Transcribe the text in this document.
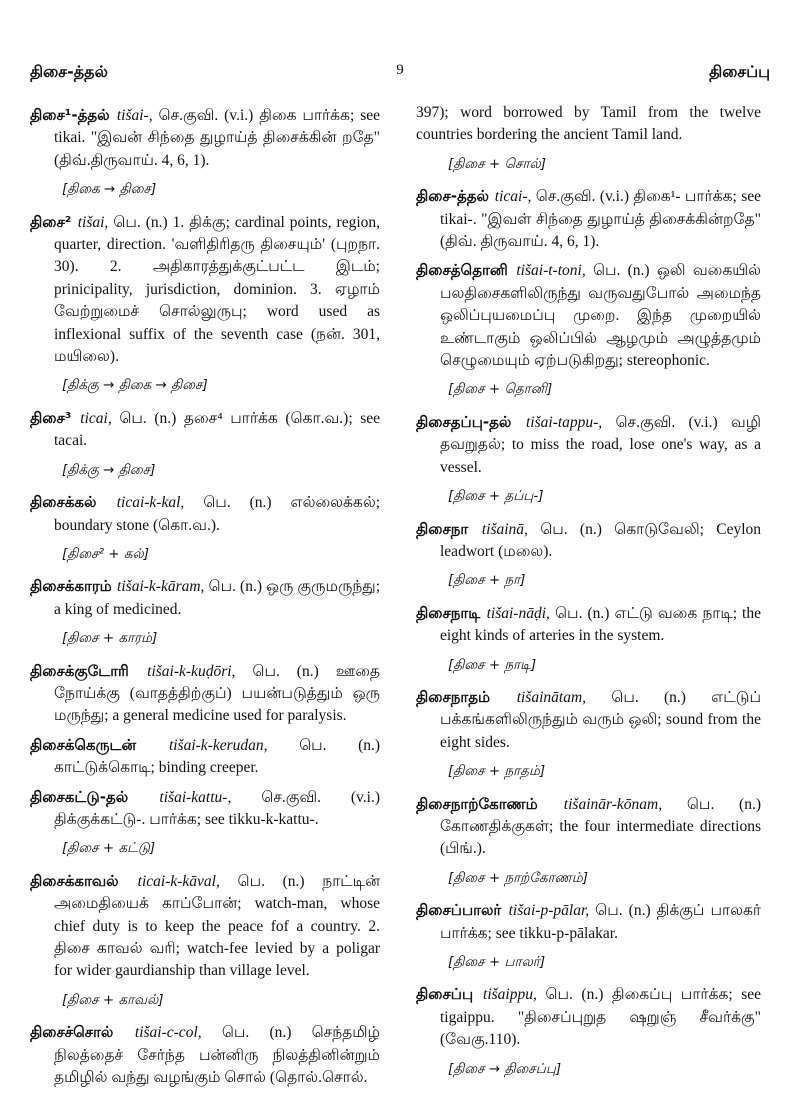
திசை-த்தல்	9	திசைப்பு
திசை¹-த்தல் tišai-, செ.குவி. (v.i.) திகை பார்க்க; see tikai. "இவன் சிந்தை துழாய்த் திசைக்கின் றதே" (திவ்.திருவாய். 4, 6, 1).
[திகை → திசை]
திசை² tišai, பெ. (n.) 1. திக்கு; cardinal points, region, quarter, direction. 'வளிதிரிதரு திசையும்' (புறநா. 30). 2. அதிகாரத்துக்குட்பட்ட இடம்; prinicipality, jurisdiction, dominion. 3. ஏழாம் வேற்றுமைச் சொல்லுருபு; word used as inflexional suffix of the seventh case (நன். 301, மயிலை).
[திக்கு → திகை → திசை]
திசை³ ticai, பெ. (n.) தசை⁴ பார்க்க (கொ.வ.); see tacai.
[திக்கு → திசை]
திசைக்கல் ticai-k-kal, பெ. (n.) எல்லைக்கல்; boundary stone (கொ.வ.).
[திசை² + கல்]
திசைக்காரம் tišai-k-kāram, பெ. (n.) ஒரு குருமருந்து; a king of medicined.
[திசை + காரம்]
திசைக்குடோரி tišai-k-kuḍōri, பெ. (n.) ஊதை நோய்க்கு (வாதத்திற்குப்) பயன்படுத்தும் ஒரு மருந்து; a general medicine used for paralysis.
திசைக்கெருடன் tišai-k-kerudan, பெ. (n.) காட்டுக்கொடி; binding creeper.
திசைகட்டு-தல் tišai-kattu-, செ.குவி. (v.i.) திக்குக்கட்டு-. பார்க்க; see tikku-k-kattu-.
[திசை + கட்டு]
திசைக்காவல் ticai-k-kāval, பெ. (n.) நாட்டின் அமைதியைக் காப்போன்; watch-man, whose chief duty is to keep the peace fof a country. 2. திசை காவல் வரி; watch-fee levied by a poligar for wider gaurdianship than village level.
[திசை + காவல்]
திசைச்சொல் tišai-c-col, பெ. (n.) செந்தமிழ் நிலத்தைச் சேர்ந்த பன்னிரு நிலத்தினின்றும் தமிழில் வந்து வழங்கும் சொல் (தொல்.சொல்.
397); word borrowed by Tamil from the twelve countries bordering the ancient Tamil land.
[திசை + சொல்]
திசை-த்தல் ticai-, செ.குவி. (v.i.) திகை¹- பார்க்க; see tikai-. "இவள் சிந்தை துழாய்த் திசைக்கின்றதே" (திவ். திருவாய். 4, 6, 1).
திசைத்தொனி tišai-t-toni, பெ. (n.) ஒலி வகையில் பலதிசைகளிலிருந்து வருவதுபோல் அமைந்த ஒலிப்புயமைப்பு முறை. இந்த முறையில் உண்டாகும் ஒலிப்பில் ஆழமும் அழுத்தமும் செழுமையும் ஏற்படுகிறது; stereophonic.
[திசை + தொனி]
திசைதப்பு-தல் tišai-tappu-, செ.குவி. (v.i.) வழி தவறுதல்; to miss the road, lose one's way, as a vessel.
[திசை + தப்பு-]
திசைநா tišainā, பெ. (n.) கொடுவேலி; Ceylon leadwort (மலை).
[திசை + நா]
திசைநாடி tišai-nāḍi, பெ. (n.) எட்டு வகை நாடி; the eight kinds of arteries in the system.
[திசை + நாடி]
திசைநாதம் tišainātam, பெ. (n.) எட்டுப் பக்கங்களிலிருந்தும் வரும் ஒலி; sound from the eight sides.
[திசை + நாதம்]
திசைநாற்கோணம் tišainār-kōnam, பெ. (n.) கோணதிக்குகள்; the four intermediate directions (பிங்.).
[திசை + நாற்கோணம்]
திசைப்பாலர் tišai-p-pālar, பெ. (n.) திக்குப் பாலகர் பார்க்க; see tikku-p-pālakar.
[திசை + பாலர்]
திசைப்பு tišaippu, பெ. (n.) திகைப்பு பார்க்க; see tigaippu. "திசைப்புறுத ஷறுஞ் சீவர்க்கு" (வேகு.110).
[திசை → திசைப்பு]
